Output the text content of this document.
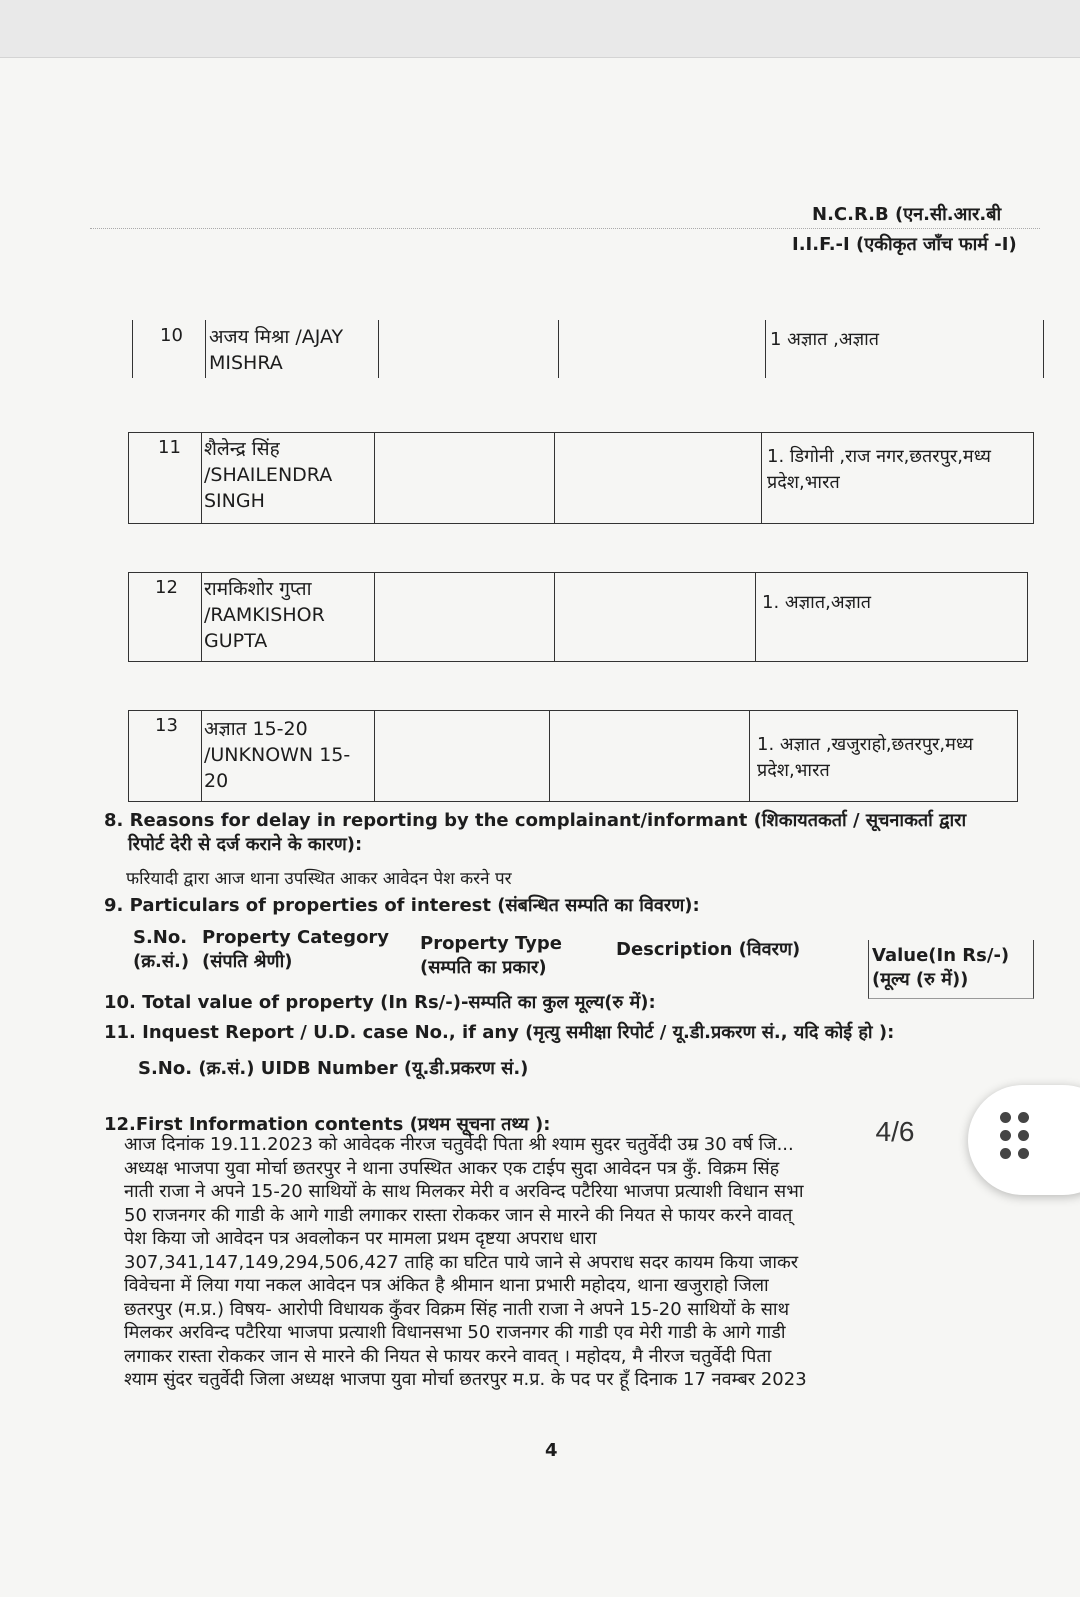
N.C.R.B (एन.सी.आर.बी
I.I.F.-I (एकीकृत जाँच फार्म -I)
10 अजय मिश्रा /AJAY
MISHRA
1 अज्ञात ,अज्ञात
11 शैलेन्द्र सिंह
/SHAILENDRA
SINGH
1. डिगोनी ,राज नगर,छतरपुर,मध्य
प्रदेश,भारत
12 रामकिशोर गुप्ता
/RAMKISHOR
GUPTA
1. अज्ञात,अज्ञात
13 अज्ञात 15-20
/UNKNOWN 15-
20
1. अज्ञात ,खजुराहो,छतरपुर,मध्य
प्रदेश,भारत
8. Reasons for delay in reporting by the complainant/informant (शिकायतकर्ता / सूचनाकर्ता द्वारा
रिपोर्ट देरी से दर्ज कराने के कारण):
फरियादी द्वारा आज थाना उपस्थित आकर आवेदन पेश करने पर
9. Particulars of properties of interest (संबन्धित सम्पति का विवरण):
S.No.
(क्र.सं.)
Property Category
(संपति श्रेणी)
Property Type
(सम्पति का प्रकार)
Description (विवरण)	Value(In Rs/-)
(मूल्य (रु में))
10. Total value of property (In Rs/-)-सम्पति का कुल मूल्य(रु में):
11. Inquest Report / U.D. case No., if any (मृत्यु समीक्षा रिपोर्ट / यू.डी.प्रकरण सं., यदि कोई हो ):
S.No. (क्र.सं.) UIDB Number (यू.डी.प्रकरण सं.)
12.First Information contents (प्रथम सूचना तथ्य ):
आज दिनांक 19.11.2023 को आवेदक नीरज चतुर्वेदी पिता श्री श्याम सुदर चतुर्वेदी उम्र 30 वर्ष जि...
अध्यक्ष भाजपा युवा मोर्चा छतरपुर ने थाना उपस्थित आकर एक टाईप सुदा आवेदन पत्र कुँ. विक्रम सिंह
नाती राजा ने अपने 15-20 साथियों के साथ मिलकर मेरी व अरविन्द पटैरिया भाजपा प्रत्याशी विधान सभा
50 राजनगर की गाडी के आगे गाडी लगाकर रास्ता रोककर जान से मारने की नियत से फायर करने वावत्
पेश किया जो आवेदन पत्र अवलोकन पर मामला प्रथम दृष्टया अपराध धारा
307,341,147,149,294,506,427 ताहि का घटित पाये जाने से अपराध सदर कायम किया जाकर
विवेचना में लिया गया नकल आवेदन पत्र अंकित है श्रीमान थाना प्रभारी महोदय, थाना खजुराहो जिला
छतरपुर (म.प्र.) विषय- आरोपी विधायक कुँवर विक्रम सिंह नाती राजा ने अपने 15-20 साथियों के साथ
मिलकर अरविन्द पटैरिया भाजपा प्रत्याशी विधानसभा 50 राजनगर की गाडी एव मेरी गाडी के आगे गाडी
लगाकर रास्ता रोककर जान से मारने की नियत से फायर करने वावत् । महोदय, मै नीरज चतुर्वेदी पिता
श्याम सुंदर चतुर्वेदी जिला अध्यक्ष भाजपा युवा मोर्चा छतरपुर म.प्र. के पद पर हूँ दिनाक 17 नवम्बर 2023
4
4/6
